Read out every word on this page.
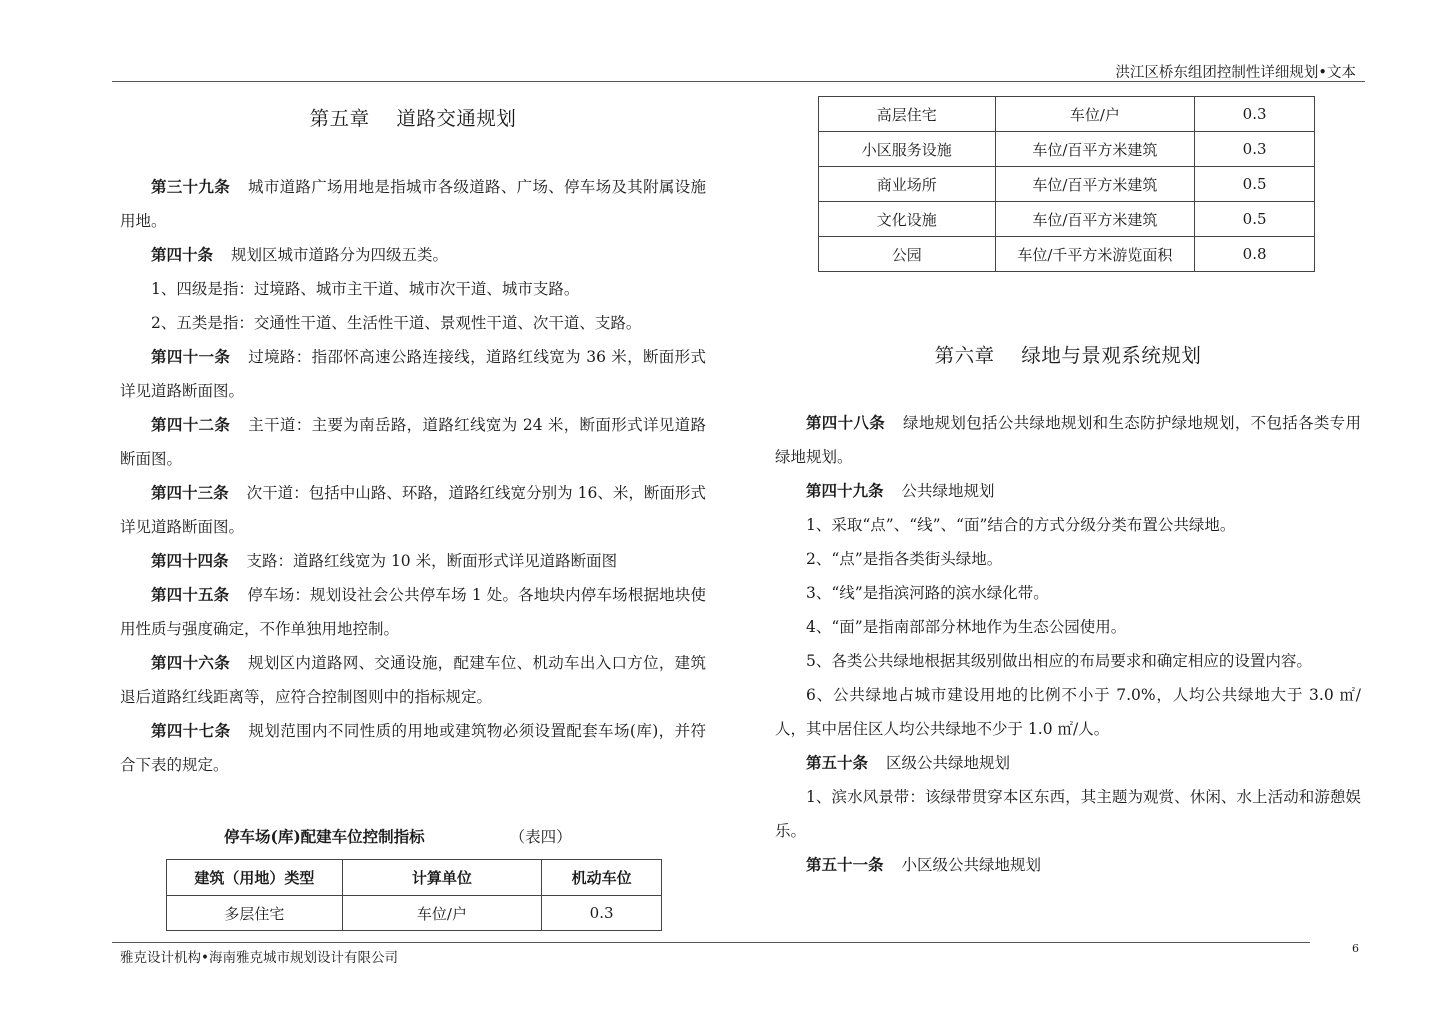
洪江区桥东组团控制性详细规划•文本
第五章    道路交通规划
第三十九条 城市道路广场用地是指城市各级道路、广场、停车场及其附属设施用地。
第四十条 规划区城市道路分为四级五类。
1、四级是指：过境路、城市主干道、城市次干道、城市支路。
2、五类是指：交通性干道、生活性干道、景观性干道、次干道、支路。
第四十一条 过境路：指邵怀高速公路连接线，道路红线宽为 36 米，断面形式详见道路断面图。
第四十二条 主干道：主要为南岳路，道路红线宽为 24 米，断面形式详见道路断面图。
第四十三条 次干道：包括中山路、环路，道路红线宽分别为 16、米，断面形式详见道路断面图。
第四十四条 支路：道路红线宽为 10 米，断面形式详见道路断面图
第四十五条 停车场：规划设社会公共停车场 1 处。各地块内停车场根据地块使用性质与强度确定，不作单独用地控制。
第四十六条 规划区内道路网、交通设施，配建车位、机动车出入口方位，建筑退后道路红线距离等，应符合控制图则中的指标规定。
第四十七条 规划范围内不同性质的用地或建筑物必须设置配套车场(库)，并符合下表的规定。
停车场(库)配建车位控制指标	（表四）
建筑（用地）类型	计算单位	机动车位
多层住宅	车位/户	0.3
高层住宅	车位/户	0.3
小区服务设施	车位/百平方米建筑	0.3
商业场所	车位/百平方米建筑	0.5
文化设施	车位/百平方米建筑	0.5
公园	车位/千平方米游览面积	0.8
第六章    绿地与景观系统规划
第四十八条 绿地规划包括公共绿地规划和生态防护绿地规划，不包括各类专用绿地规划。
第四十九条 公共绿地规划
1、采取“点”、“线”、“面”结合的方式分级分类布置公共绿地。
2、“点”是指各类街头绿地。
3、“线”是指滨河路的滨水绿化带。
4、“面”是指南部部分林地作为生态公园使用。
5、各类公共绿地根据其级别做出相应的布局要求和确定相应的设置内容。
6、公共绿地占城市建设用地的比例不小于 7.0%，人均公共绿地大于 3.0 ㎡/人，其中居住区人均公共绿地不少于 1.0 ㎡/人。
第五十条 区级公共绿地规划
1、滨水风景带：该绿带贯穿本区东西，其主题为观赏、休闲、水上活动和游憩娱乐。
第五十一条 小区级公共绿地规划
雅克设计机构•海南雅克城市规划设计有限公司
6
